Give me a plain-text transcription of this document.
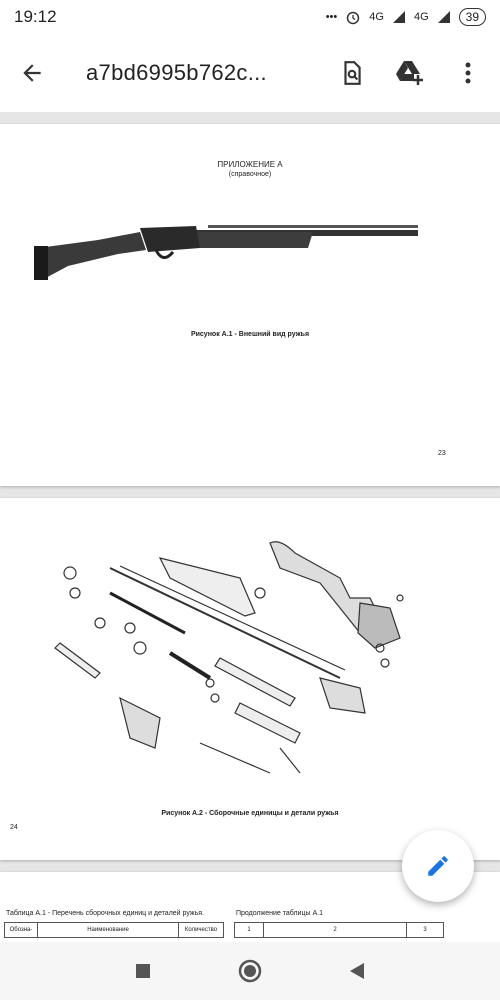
19:12	•••	4G	4G	39
a7bd6995b762c...
ПРИЛОЖЕНИЕ А
(справочное)
Рисунок А.1 - Внешний вид ружья
23
Рисунок А.2 - Сборочные единицы и детали ружья
24
Таблица А.1 - Перечень сборочных единиц и деталей ружья.
Обозна-	Наименование	Количество
Продолжение таблицы А.1
1	2	3
